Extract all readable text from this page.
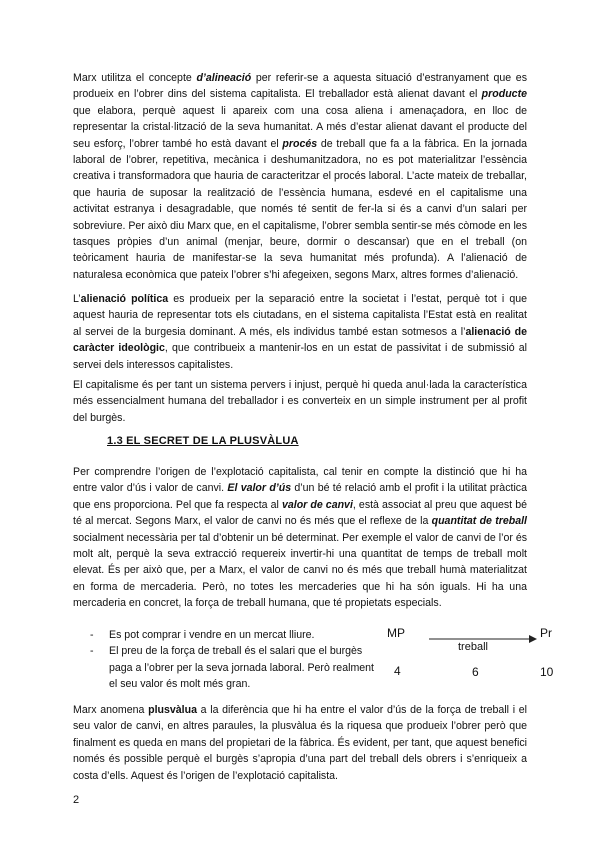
Marx utilitza el concepte d’alineació per referir-se a aquesta situació d’estranyament que es produeix en l’obrer dins del sistema capitalista. El treballador està alienat davant el producte que elabora, perquè aquest li apareix com una cosa aliena i amenaçadora, en lloc de representar la cristal·lització de la seva humanitat. A més d’estar alienat davant el producte del seu esforç, l’obrer també ho està davant el procés de treball que fa a la fàbrica. En la jornada laboral de l’obrer, repetitiva, mecànica i deshumanitzadora, no es pot materialitzar l’essència creativa i transformadora que hauria de caracteritzar el procés laboral. L’acte mateix de treballar, que hauria de suposar la realització de l’essència humana, esdevé en el capitalisme una activitat estranya i desagradable, que només té sentit de fer-la si és a canvi d’un salari per sobreviure. Per això diu Marx que, en el capitalisme, l’obrer sembla sentir-se més còmode en les tasques pròpies d’un animal (menjar, beure, dormir o descansar) que en el treball (on teòricament hauria de manifestar-se la seva humanitat més profunda). A l’alienació de naturalesa econòmica que pateix l’obrer s’hi afegeixen, segons Marx, altres formes d’alienació.

L’alienació política es produeix per la separació entre la societat i l’estat, perquè tot i que aquest hauria de representar tots els ciutadans, en el sistema capitalista l’Estat està en realitat al servei de la burgesia dominant. A més, els individus també estan sotmesos a l’alienació de caràcter ideològic, que contribueix a mantenir-los en un estat de passivitat i de submissió al servei dels interessos capitalistes.

El capitalisme és per tant un sistema pervers i injust, perquè hi queda anul·lada la característica més essencialment humana del treballador i es converteix en un simple instrument per al profit del burgès.

1.3 EL SECRET DE LA PLUSVÀLUA

Per comprendre l’origen de l’explotació capitalista, cal tenir en compte la distinció que hi ha entre valor d’ús i valor de canvi. El valor d’ús d’un bé té relació amb el profit i la utilitat pràctica que ens proporciona. Pel que fa respecta al valor de canvi, està associat al preu que aquest bé té al mercat. Segons Marx, el valor de canvi no és més que el reflexe de la quantitat de treball socialment necessària per tal d’obtenir un bé determinat. Per exemple el valor de canvi de l’or és molt alt, perquè la seva extracció requereix invertir-hi una quantitat de temps de treball molt elevat. És per això que, per a Marx, el valor de canvi no és més que treball humà materialitzat en forma de mercaderia. Però, no totes les mercaderies que hi ha són iguals. Hi ha una mercaderia en concret, la força de treball humana, que té propietats especials.

- Es pot comprar i vendre en un mercat lliure.
- El preu de la força de treball és el salari que el burgès paga a l’obrer per la seva jornada laboral. Però realment el seu valor és molt més gran.
MP	Pr
treball
4	6	10

Marx anomena plusvàlua a la diferència que hi ha entre el valor d’ús de la força de treball i el seu valor de canvi, en altres paraules, la plusvàlua és la riquesa que produeix l’obrer però que finalment es queda en mans del propietari de la fàbrica. És evident, per tant, que aquest benefici només és possible perquè el burgès s’apropia d’una part del treball dels obrers i s’enriqueix a costa d’ells. Aquest és l’origen de l’explotació capitalista.

2
